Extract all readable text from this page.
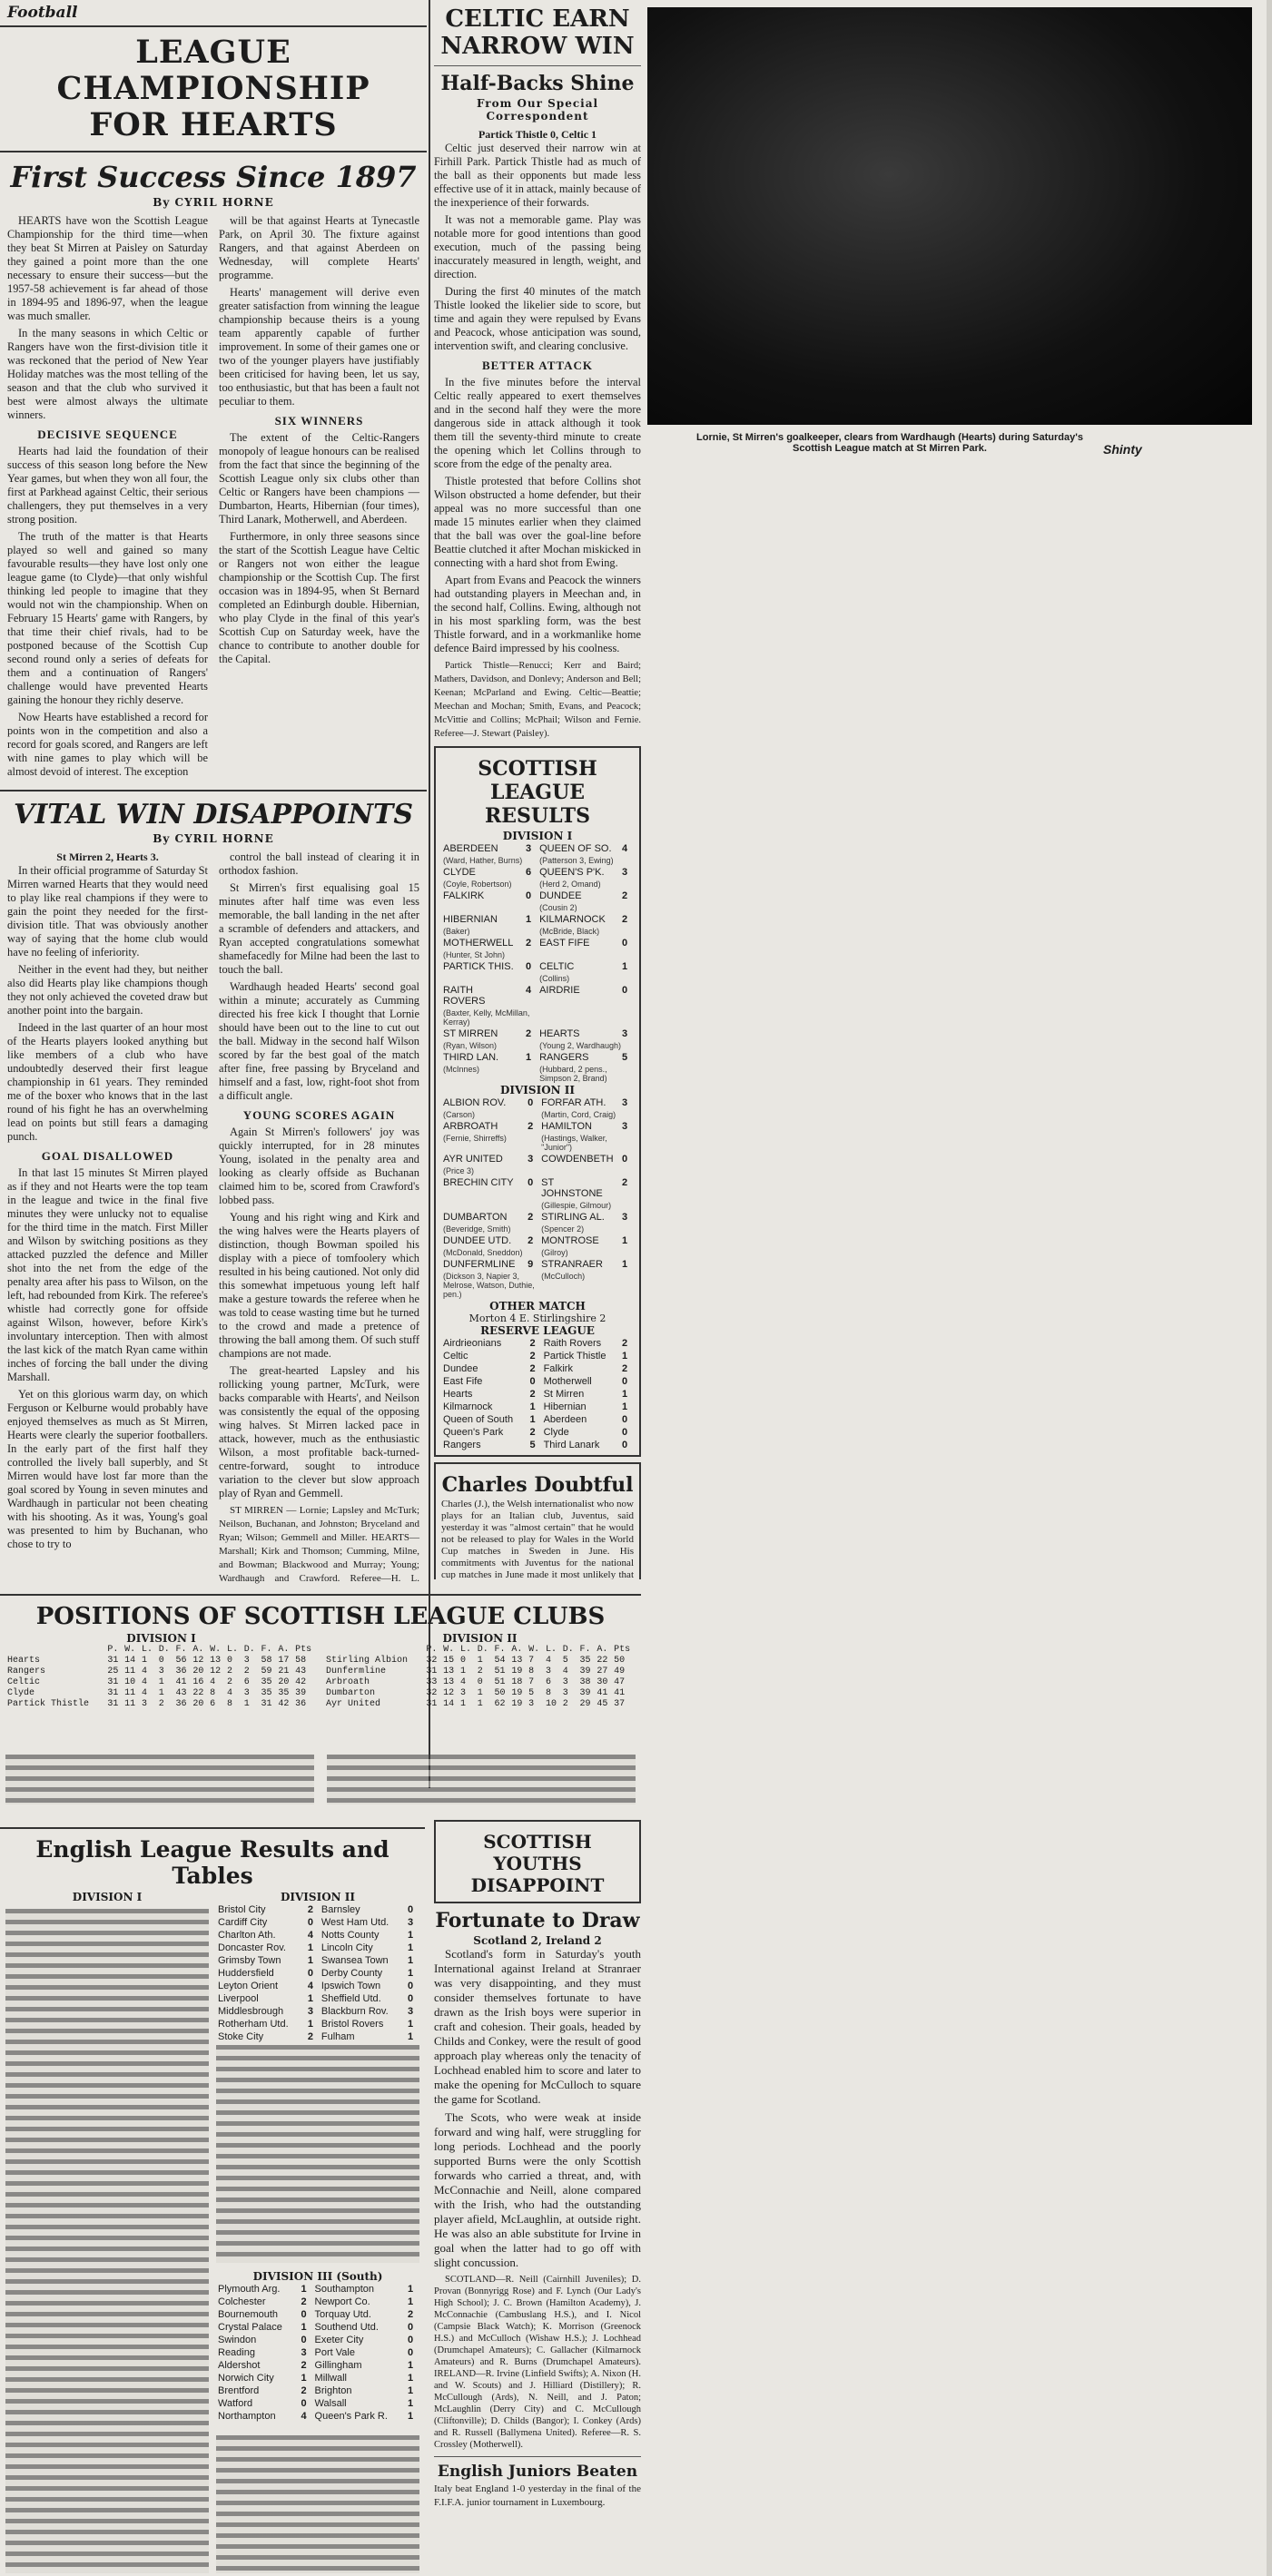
Football
LEAGUE CHAMPIONSHIP FOR HEARTS
First Success Since 1897
By CYRIL HORNE

HEARTS have won the Scottish League Championship for the third time—when they beat St Mirren at Paisley on Saturday they gained a point more than the one necessary to ensure their success—but the 1957-58 achievement is far ahead of those in 1894-95 and 1896-97, when the league was much smaller.

In the many seasons in which Celtic or Rangers have won the first-division title it was reckoned that the period of New Year Holiday matches was the most telling of the season and that the club who survived it best were almost always the ultimate winners.

DECISIVE SEQUENCE

Hearts had laid the foundation of their success of this season long before the New Year games, but when they won all four, the first at Parkhead against Celtic, their serious challengers, they put themselves in a very strong position.

The truth of the matter is that Hearts played so well and gained so many favourable results—they have lost only one league game (to Clyde)—that only wishful thinking led people to imagine that they would not win the championship. When on February 15 Hearts' game with Rangers, by that time their chief rivals, had to be postponed because of the Scottish Cup second round only a series of defeats for them and a continuation of Rangers' challenge would have prevented Hearts gaining the honour they richly deserve.

Now Hearts have established a record for points won in the competition and also a record for goals scored, and Rangers are left with nine games to play which will be almost devoid of interest. The exception

will be that against Hearts at Tynecastle Park, on April 30. The fixture against Rangers, and that against Aberdeen on Wednesday, will complete Hearts' programme.

Hearts' management will derive even greater satisfaction from winning the league championship because theirs is a young team apparently capable of further improvement. In some of their games one or two of the younger players have justifiably been criticised for having been, let us say, too enthusiastic, but that has been a fault not peculiar to them.

SIX WINNERS

The extent of the Celtic-Rangers monopoly of league honours can be realised from the fact that since the beginning of the Scottish League only six clubs other than Celtic or Rangers have been champions — Dumbarton, Hearts, Hibernian (four times), Third Lanark, Motherwell, and Aberdeen.

Furthermore, in only three seasons since the start of the Scottish League have Celtic or Rangers not won either the league championship or the Scottish Cup. The first occasion was in 1894-95, when St Bernard completed an Edinburgh double. Hibernian, who play Clyde in the final of this year's Scottish Cup on Saturday week, have the chance to contribute to another double for the Capital.

VITAL WIN DISAPPOINTS
By CYRIL HORNE
St Mirren 2, Hearts 3.

In their official programme of Saturday St Mirren warned Hearts that they would need to play like real champions if they were to gain the point they needed for the first-division title. That was obviously another way of saying that the home club would have no feeling of inferiority.

Neither in the event had they, but neither also did Hearts play like champions though they not only achieved the coveted draw but another point into the bargain.

Indeed in the last quarter of an hour most of the Hearts players looked anything but like members of a club who have undoubtedly deserved their first league championship in 61 years. They reminded me of the boxer who knows that in the last round of his fight he has an overwhelming lead on points but still fears a damaging punch.

GOAL DISALLOWED

In that last 15 minutes St Mirren played as if they and not Hearts were the top team in the league and twice in the final five minutes they were unlucky not to equalise for the third time in the match. First Miller and Wilson by switching positions as they attacked puzzled the defence and Miller shot into the net from the edge of the penalty area after his pass to Wilson, on the left, had rebounded from Kirk. The referee's whistle had correctly gone for offside against Wilson, however, before Kirk's involuntary interception. Then with almost the last kick of the match Ryan came within inches of forcing the ball under the diving Marshall.

Yet on this glorious warm day, on which Ferguson or Kelburne would probably have enjoyed themselves as much as St Mirren, Hearts were clearly the superior footballers. In the early part of the first half they controlled the lively ball superbly, and St Mirren would have lost far more than the goal scored by Young in seven minutes and Wardhaugh in particular not been cheating with his shooting. As it was, Young's goal was presented to him by Buchanan, who chose to try to

control the ball instead of clearing it in orthodox fashion.

St Mirren's first equalising goal 15 minutes after half time was even less memorable, the ball landing in the net after a scramble of defenders and attackers, and Ryan accepted congratulations somewhat shamefacedly for Milne had been the last to touch the ball.

Wardhaugh headed Hearts' second goal within a minute; accurately as Cumming directed his free kick I thought that Lornie should have been out to the line to cut out the ball. Midway in the second half Wilson scored by far the best goal of the match after fine, free passing by Bryceland and himself and a fast, low, right-foot shot from a difficult angle.

YOUNG SCORES AGAIN

Again St Mirren's followers' joy was quickly interrupted, for in 28 minutes Young, isolated in the penalty area and looking as clearly offside as Buchanan claimed him to be, scored from Crawford's lobbed pass.

Young and his right wing and Kirk and the wing halves were the Hearts players of distinction, though Bowman spoiled his display with a piece of tomfoolery which resulted in his being cautioned. Not only did this somewhat impetuous young left half make a gesture towards the referee when he was told to cease wasting time but he turned to the crowd and made a pretence of throwing the ball among them. Of such stuff champions are not made.

The great-hearted Lapsley and his rollicking young partner, McTurk, were backs comparable with Hearts', and Neilson was consistently the equal of the opposing wing halves. St Mirren lacked pace in attack, however, much as the enthusiastic Wilson, a most profitable back-turned-centre-forward, sought to introduce variation to the clever but slow approach play of Ryan and Gemmell.

ST MIRREN — Lornie; Lapsley and McTurk; Neilson, Buchanan, and Johnston; Bryceland and Ryan; Wilson; Gemmell and Miller. HEARTS—Marshall; Kirk and Thomson; Cumming, Milne, and Bowman; Blackwood and Murray; Young; Wardhaugh and Crawford. Referee—H. L.

CELTIC EARN NARROW WIN
Half-Backs Shine
From Our Special Correspondent
Partick Thistle 0, Celtic 1

Celtic just deserved their narrow win at Firhill Park. Partick Thistle had as much of the ball as their opponents but made less effective use of it in attack, mainly because of the inexperience of their forwards.

It was not a memorable game. Play was notable more for good intentions than good execution, much of the passing being inaccurately measured in length, weight, and direction.

During the first 40 minutes of the match Thistle looked the likelier side to score, but time and again they were repulsed by Evans and Peacock, whose anticipation was sound, intervention swift, and clearing conclusive.

BETTER ATTACK

In the five minutes before the interval Celtic really appeared to exert themselves and in the second half they were the more dangerous side in attack although it took them till the seventy-third minute to create the opening which let Collins through to score from the edge of the penalty area.

Thistle protested that before Collins shot Wilson obstructed a home defender, but their appeal was no more successful than one made 15 minutes earlier when they claimed that the ball was over the goal-line before Beattie clutched it after Mochan miskicked in connecting with a hard shot from Ewing.

Apart from Evans and Peacock the winners had outstanding players in Meechan and, in the second half, Collins. Ewing, although not in his most sparkling form, was the best Thistle forward, and in a workmanlike home defence Baird impressed by his coolness.

Partick Thistle—Renucci; Kerr and Baird; Mathers, Davidson, and Donlevy; Anderson and Bell; Keenan; McParland and Ewing. Celtic—Beattie; Meechan and Mochan; Smith, Evans, and Peacock; McVittie and Collins; McPhail; Wilson and Fernie. Referee—J. Stewart (Paisley).

SCOTTISH LEAGUE RESULTS
DIVISION I
ABERDEEN	3	QUEEN OF SO.	4
(Ward, Hather, Burns)		(Patterson 3, Ewing)	
CLYDE	6	QUEEN'S P'K.	3
(Coyle, Robertson)		(Herd 2, Omand)	
FALKIRK	0	DUNDEE	2
		(Cousin 2)	
HIBERNIAN	1	KILMARNOCK	2
(Baker)		(McBride, Black)	
MOTHERWELL	2	EAST FIFE	0
(Hunter, St John)			
PARTICK THIS.	0	CELTIC	1
		(Collins)	
RAITH ROVERS	4	AIRDRIE	0
(Baxter, Kelly, McMillan, Kerray)			
ST MIRREN	2	HEARTS	3
(Ryan, Wilson)		(Young 2, Wardhaugh)	
THIRD LAN.	1	RANGERS	5
(McInnes)		(Hubbard, 2 pens., Simpson 2, Brand)	
DIVISION II
ALBION ROV.	0	FORFAR ATH.	3
(Carson)		(Martin, Cord, Craig)	
ARBROATH	2	HAMILTON	3
(Fernie, Shirreffs)		(Hastings, Walker, "Junior")	
AYR UNITED	3	COWDENBETH	0
(Price 3)			
BRECHIN CITY	0	ST JOHNSTONE	2
		(Gillespie, Gilmour)	
DUMBARTON	2	STIRLING AL.	3
(Beveridge, Smith)		(Spencer 2)	
DUNDEE UTD.	2	MONTROSE	1
(McDonald, Sneddon)		(Gilroy)	
DUNFERMLINE	9	STRANRAER	1
(Dickson 3, Napier 3, Melrose, Watson, Duthie, pen.)		(McCulloch)	
OTHER MATCH
Morton 4 E. Stirlingshire 2
RESERVE LEAGUE
Airdrieonians	2	Raith Rovers	2
Celtic	2	Partick Thistle	1
Dundee	2	Falkirk	2
East Fife	0	Motherwell	0
Hearts	2	St Mirren	1
Kilmarnock	1	Hibernian	1
Queen of South	1	Aberdeen	0
Queen's Park	2	Clyde	0
Rangers	5	Third Lanark	0
Charles Doubtful
Charles (J.), the Welsh internationalist who now plays for an Italian club, Juventus, said yesterday it was "almost certain" that he would not be released to play for Wales in the World Cup matches in Sweden in June. His commitments with Juventus for the national cup matches in June made it most unlikely that
Lornie, St Mirren's goalkeeper, clears from Wardhaugh (Hearts) during Saturday's Scottish League match at St Mirren Park.	Shinty
POSITIONS OF SCOTTISH LEAGUE CLUBS
DIVISION I
	P.	W.	L.	D.	F.	A.	W.	L.	D.	F.	A.	Pts
Hearts	31	14	1	0	56	12	13	0	3	58	17	58
Rangers	25	11	4	3	36	20	12	2	2	59	21	43
Celtic	31	10	4	1	41	16	4	2	6	35	20	42
Clyde	31	11	4	1	43	22	8	4	3	35	35	39
Partick Thistle	31	11	3	2	36	20	6	8	1	31	42	36
DIVISION II
	P.	W.	L.	D.	F.	A.	W.	L.	D.	F.	A.	Pts
Stirling Albion	32	15	0	1	54	13	7	4	5	35	22	50
Dunfermline	31	13	1	2	51	19	8	3	4	39	27	49
Arbroath	33	13	4	0	51	18	7	6	3	38	30	47
Dumbarton	32	12	3	1	50	19	5	8	3	39	41	41
Ayr United	31	14	1	1	62	19	3	10	2	29	45	37
English League Results and Tables
DIVISION I	DIVISION II
Bristol City	2	Barnsley	0
Cardiff City	0	West Ham Utd.	3
Charlton Ath.	4	Notts County	1
Doncaster Rov.	1	Lincoln City	1
Grimsby Town	1	Swansea Town	1
Huddersfield	0	Derby County	1
Leyton Orient	4	Ipswich Town	0
Liverpool	1	Sheffield Utd.	0
Middlesbrough	3	Blackburn Rov.	3
Rotherham Utd.	1	Bristol Rovers	1
Stoke City	2	Fulham	1
DIVISION III (South)
Plymouth Arg.	1	Southampton	1
Colchester	2	Newport Co.	1
Bournemouth	0	Torquay Utd.	2
Crystal Palace	1	Southend Utd.	0
Swindon	0	Exeter City	0
Reading	3	Port Vale	0
Aldershot	2	Gillingham	1
Norwich City	1	Millwall	1
Brentford	2	Brighton	1
Watford	0	Walsall	1
Northampton	4	Queen's Park R.	1
SCOTTISH YOUTHS DISAPPOINT
Fortunate to Draw
Scotland 2, Ireland 2

Scotland's form in Saturday's youth International against Ireland at Stranraer was very disappointing, and they must consider themselves fortunate to have drawn as the Irish boys were superior in craft and cohesion. Their goals, headed by Childs and Conkey, were the result of good approach play whereas only the tenacity of Lochhead enabled him to score and later to make the opening for McCulloch to square the game for Scotland.

The Scots, who were weak at inside forward and wing half, were struggling for long periods. Lochhead and the poorly supported Burns were the only Scottish forwards who carried a threat, and, with McConnachie and Neill, alone compared with the Irish, who had the outstanding player afield, McLaughlin, at outside right. He was also an able substitute for Irvine in goal when the latter had to go off with slight concussion.

SCOTLAND—R. Neill (Cairnhill Juveniles); D. Provan (Bonnyrigg Rose) and F. Lynch (Our Lady's High School); J. C. Brown (Hamilton Academy), J. McConnachie (Cambuslang H.S.), and I. Nicol (Campsie Black Watch); K. Morrison (Greenock H.S.) and McCulloch (Wishaw H.S.); J. Lochhead (Drumchapel Amateurs); C. Gallacher (Kilmarnock Amateurs) and R. Burns (Drumchapel Amateurs). IRELAND—R. Irvine (Linfield Swifts); A. Nixon (H. and W. Scouts) and J. Hilliard (Distillery); R. McCullough (Ards), N. Neill, and J. Paton; McLaughlin (Derry City) and C. McCullough (Cliftonville); D. Childs (Bangor); I. Conkey (Ards) and R. Russell (Ballymena United). Referee—R. S. Crossley (Motherwell).

English Juniors Beaten
Italy beat England 1-0 yesterday in the final of the F.I.F.A. junior tournament in Luxembourg.
